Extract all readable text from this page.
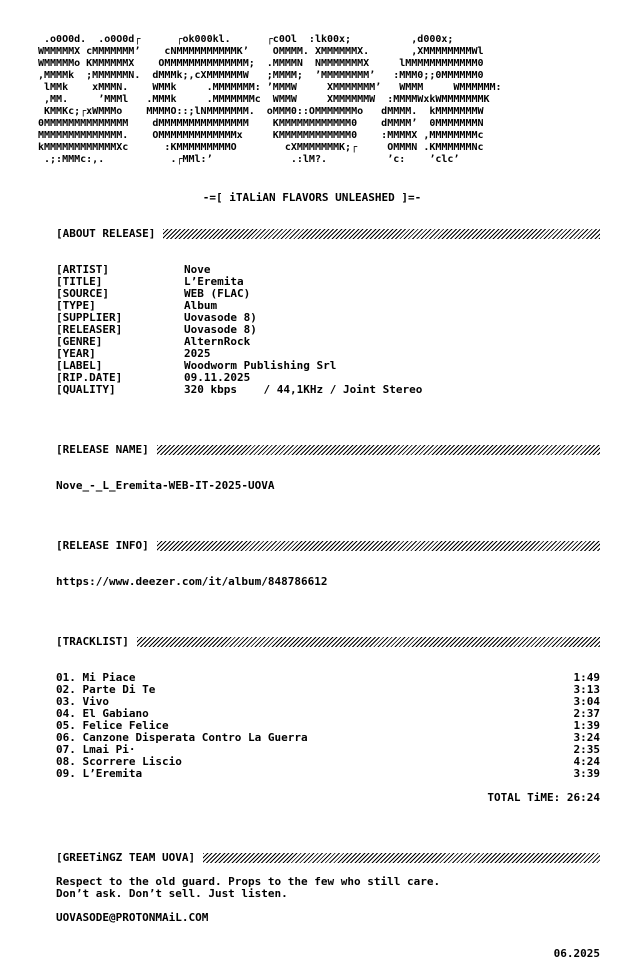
.o0O0d.  .o0O0d┌      ┌ok000kl.      ┌c0Ol  :lk00x;          ,d000x;
WMMMMMX cMMMMMMM’    cNMMMMMMMMMMK’    OMMMM. XMMMMMMX.       ,XMMMMMMMMWl
WMMMMMo KMMMMMMX    OMMMMMMMMMMMMMM;  .MMMMN  NMMMMMMMX     lMMMMMMMMMMMM0
,MMMMk  ;MMMMMMN.  dMMMk;,cXMMMMMMW   ;MMMM;  ’MMMMMMMM’   :MMM0;;0MMMMMM0
lMMk    xMMMN.    WMMk     .MMMMMMM: ’MMMW     XMMMMMMM’   WMMM     WMMMMMM:
,MM.     ’MMMl   .MMMk     .MMMMMMMc  WMMW     XMMMMMMW  :MMMMWxkWMMMMMMMK
KMMKc;┌xWMMMo    MMMMO::;lNMMMMMMM.  oMMM0::OMMMMMMMo   dMMMM.  kMMMMMMMW
0MMMMMMMMMMMMMM    dMMMMMMMMMMMMMMM    KMMMMMMMMMMMM0    dMMMM’  0MMMMMMMN
MMMMMMMMMMMMMM.    OMMMMMMMMMMMMMx     KMMMMMMMMMMMM0    :MMMMX ,MMMMMMMMc
kMMMMMMMMMMMMXc      :KMMMMMMMMMO        cXMMMMMMMK;┌     OMMMN .KMMMMMMNc
.;:MMMc:,.           .┌MMl:’             .:lM?.          ’c:    ’clc’
-=[ iTALiAN FLAVORS UNLEASHED ]=-
[ABOUT RELEASE]
[ARTIST]	Nove
[TITLE]	L’Eremita
[SOURCE]	WEB (FLAC)
[TYPE]	Album
[SUPPLIER]	Uovasode 8)
[RELEASER]	Uovasode 8)
[GENRE]	AlternRock
[YEAR]	2025
[LABEL]	Woodworm Publishing Srl
[RIP.DATE]	09.11.2025
[QUALITY]	320 kbps    / 44,1KHz / Joint Stereo
[RELEASE NAME]
Nove_-_L_Eremita-WEB-IT-2025-UOVA
[RELEASE INFO]
https://www.deezer.com/it/album/848786612
[TRACKLIST]
01. Mi Piace	1:49
02. Parte Di Te	3:13
03. Vivo	3:04
04. El Gabiano	2:37
05. Felice Felice	1:39
06. Canzone Disperata Contro La Guerra	3:24
07. Lmai Pi·	2:35
08. Scorrere Liscio	4:24
09. L’Eremita	3:39
TOTAL TiME: 26:24
[GREETiNGZ TEAM UOVA]
Respect to the old guard. Props to the few who still care.
Don’t ask. Don’t sell. Just listen.
UOVASODE@PROTONMAiL.COM
06.2025
